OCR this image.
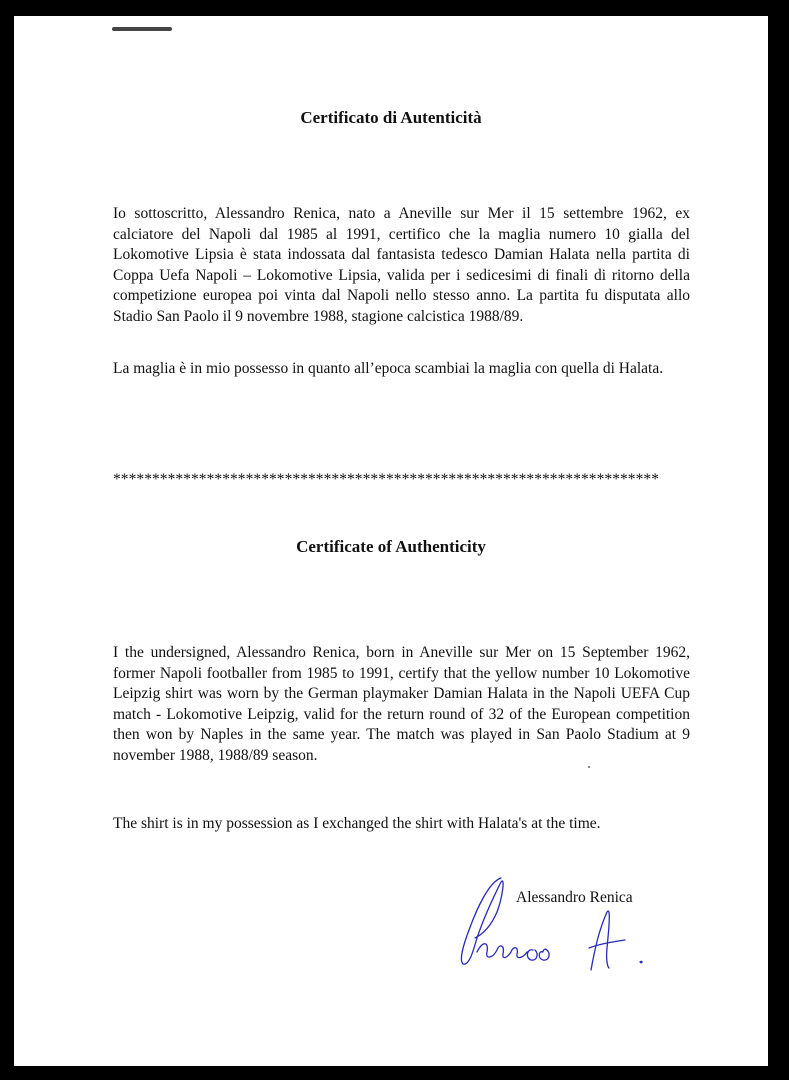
Certificato di Autenticità

Io sottoscritto, Alessandro Renica, nato a Aneville sur Mer il 15 settembre 1962, ex calciatore del Napoli dal 1985 al 1991, certifico che la maglia numero 10 gialla del Lokomotive Lipsia è stata indossata dal fantasista tedesco Damian Halata nella partita di Coppa Uefa Napoli – Lokomotive Lipsia, valida per i sedicesimi di finali di ritorno della competizione europea poi vinta dal Napoli nello stesso anno. La partita fu disputata allo Stadio San Paolo il 9 novembre 1988, stagione calcistica 1988/89.

La maglia è in mio possesso in quanto all’epoca scambiai la maglia con quella di Halata.

**********************************************************************
Certificate of Authenticity

I the undersigned, Alessandro Renica, born in Aneville sur Mer on 15 September 1962, former Napoli footballer from 1985 to 1991, certify that the yellow number 10 Lokomotive Leipzig shirt was worn by the German playmaker Damian Halata in the Napoli UEFA Cup match - Lokomotive Leipzig, valid for the return round of 32 of the European competition then won by Naples in the same year. The match was played in San Paolo Stadium at 9 november 1988, 1988/89 season.

The shirt is in my possession as I exchanged the shirt with Halata's at the time.

Alessandro Renica
